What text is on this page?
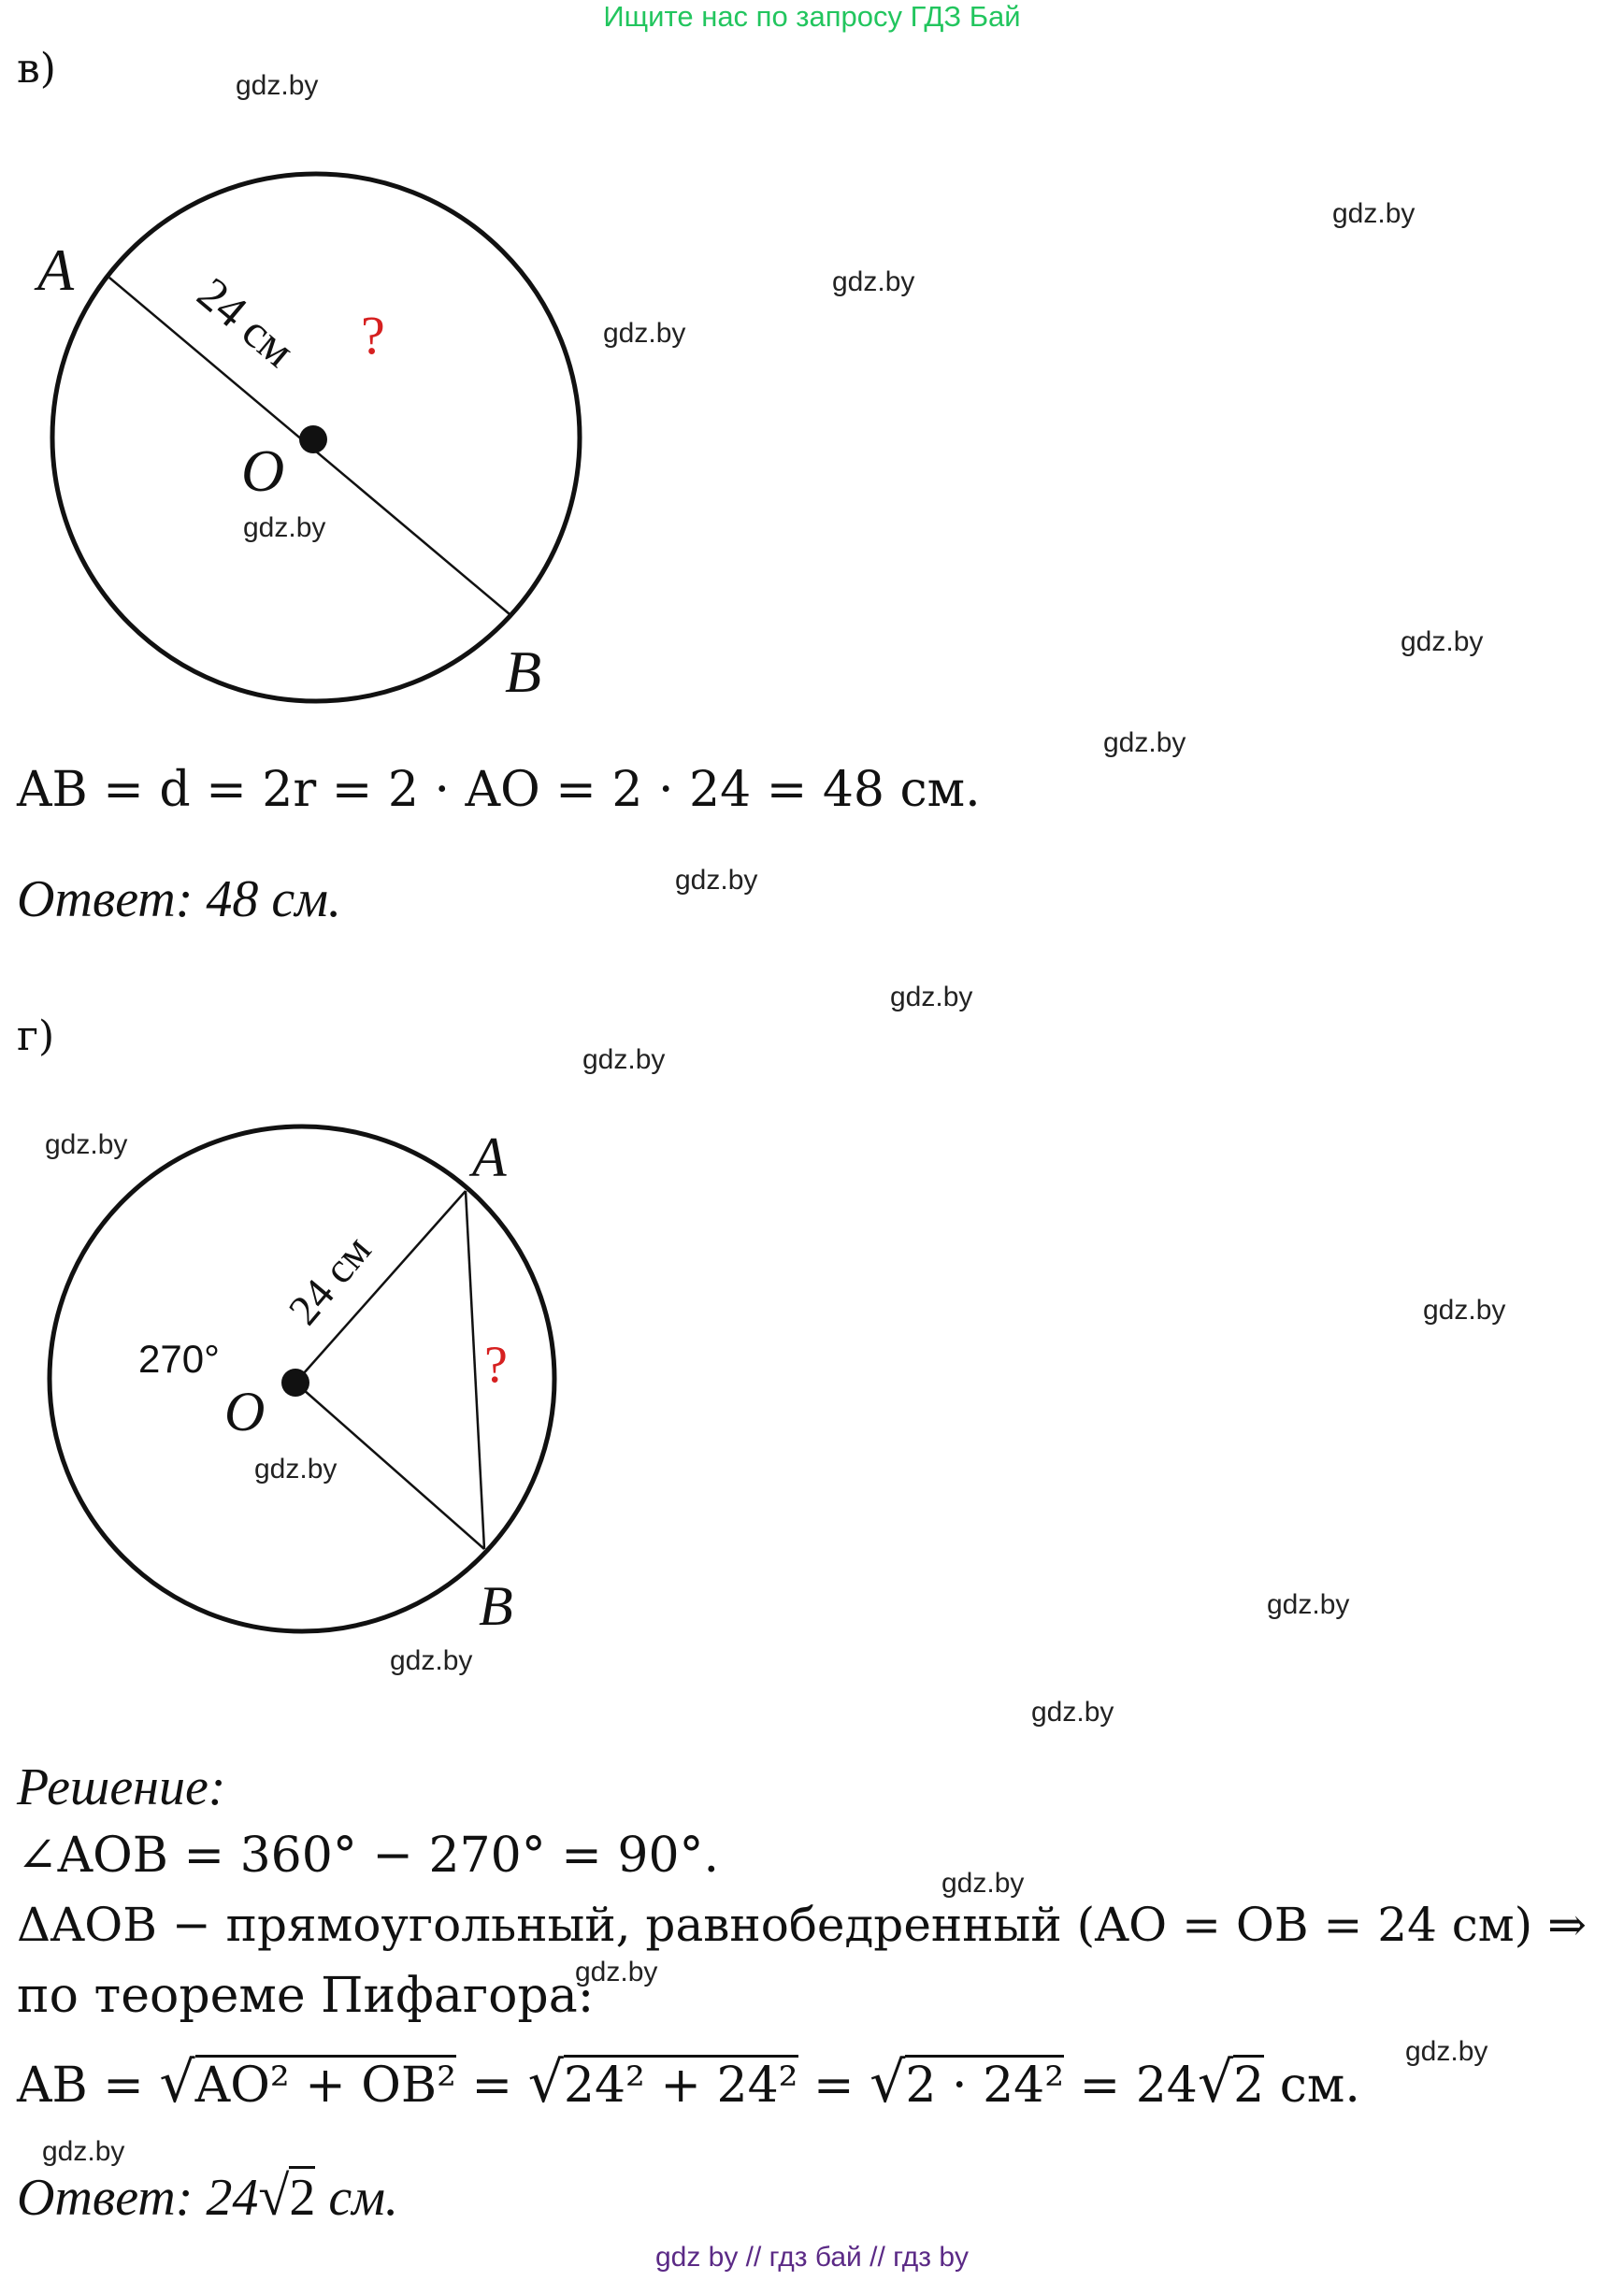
Ищите нас по запросу ГДЗ Бай
gdz.by
gdz.by
gdz.by
gdz.by
gdz.by
gdz.by
gdz.by
gdz.by
gdz.by
gdz.by
gdz.by
gdz.by
gdz.by
gdz.by
gdz.by
gdz.by
gdz.by
gdz.by
gdz.by
gdz.by
в)
A
B
O
24 см ?
A
B
O
270°
24 см
?
AB = d = 2r = 2 · AO = 2 · 24 = 48 см.
Ответ: 48 см.
г)
Решение:
∠AOB = 360° − 270° = 90°.
ΔAOB − прямоугольный, равнобедренный (AO = OB = 24 см) ⇒
по теореме Пифагора:
AB = √AO² + OB² = √24² + 24² = √2 · 24² = 24√2 см.
Ответ: 24√2 см.
gdz by // гдз бай // гдз by
